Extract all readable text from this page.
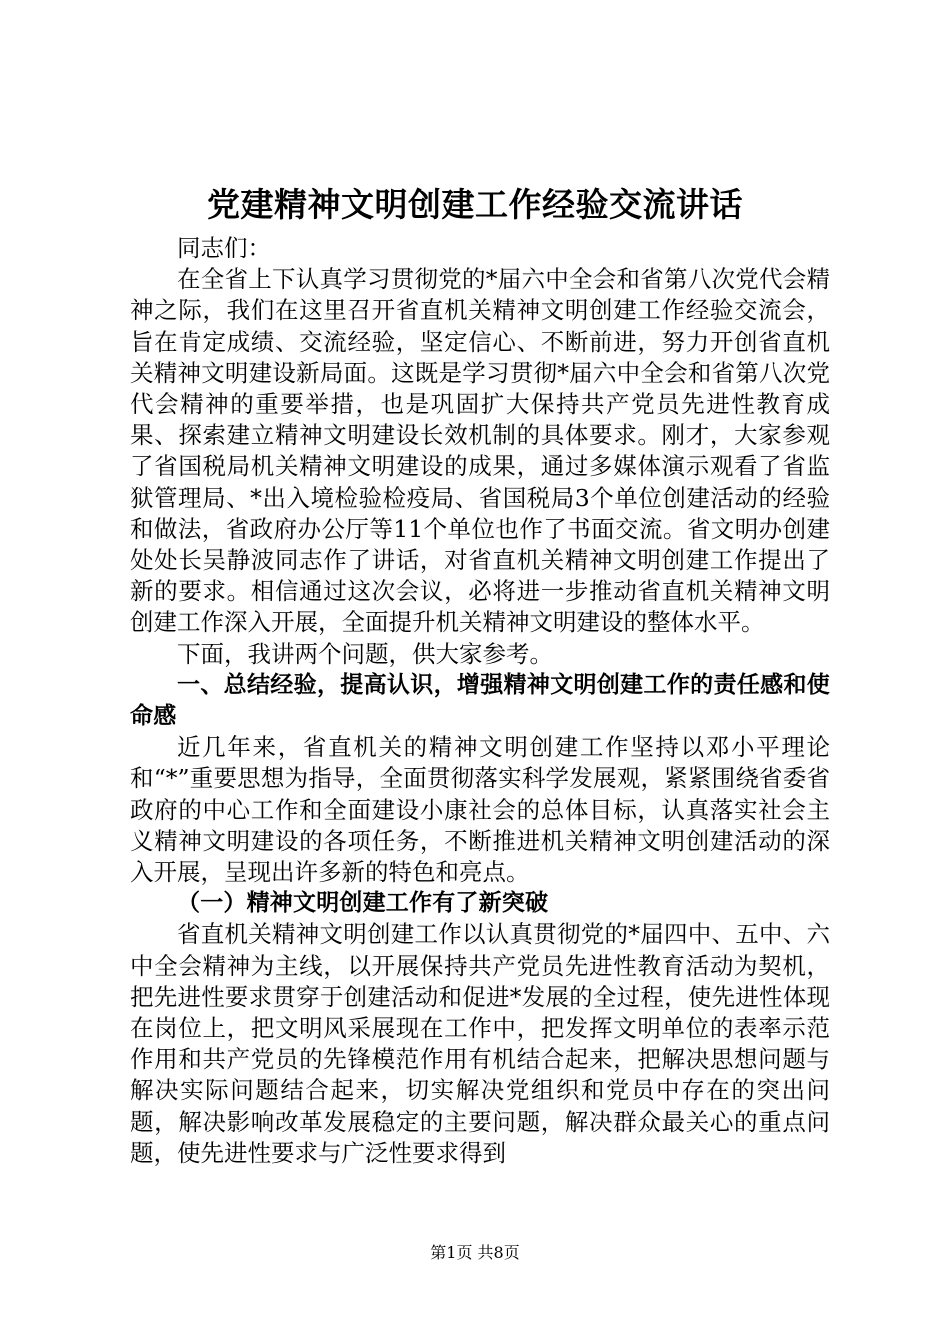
党建精神文明创建工作经验交流讲话

同志们：

在全省上下认真学习贯彻党的*届六中全会和省第八次党代会精神之际，我们在这里召开省直机关精神文明创建工作经验交流会，旨在肯定成绩、交流经验，坚定信心、不断前进，努力开创省直机关精神文明建设新局面。这既是学习贯彻*届六中全会和省第八次党代会精神的重要举措，也是巩固扩大保持共产党员先进性教育成果、探索建立精神文明建设长效机制的具体要求。刚才，大家参观了省国税局机关精神文明建设的成果，通过多媒体演示观看了省监狱管理局、*出入境检验检疫局、省国税局3个单位创建活动的经验和做法，省政府办公厅等11个单位也作了书面交流。省文明办创建处处长吴静波同志作了讲话，对省直机关精神文明创建工作提出了新的要求。相信通过这次会议，必将进一步推动省直机关精神文明创建工作深入开展，全面提升机关精神文明建设的整体水平。

下面，我讲两个问题，供大家参考。

一、总结经验，提高认识，增强精神文明创建工作的责任感和使命感

近几年来，省直机关的精神文明创建工作坚持以邓小平理论和“*”重要思想为指导，全面贯彻落实科学发展观，紧紧围绕省委省政府的中心工作和全面建设小康社会的总体目标，认真落实社会主义精神文明建设的各项任务，不断推进机关精神文明创建活动的深入开展，呈现出许多新的特色和亮点。

（一）精神文明创建工作有了新突破

省直机关精神文明创建工作以认真贯彻党的*届四中、五中、六中全会精神为主线，以开展保持共产党员先进性教育活动为契机，把先进性要求贯穿于创建活动和促进*发展的全过程，使先进性体现在岗位上，把文明风采展现在工作中，把发挥文明单位的表率示范作用和共产党员的先锋模范作用有机结合起来，把解决思想问题与解决实际问题结合起来，切实解决党组织和党员中存在的突出问题，解决影响改革发展稳定的主要问题，解决群众最关心的重点问题，使先进性要求与广泛性要求得到

第1页 共8页
